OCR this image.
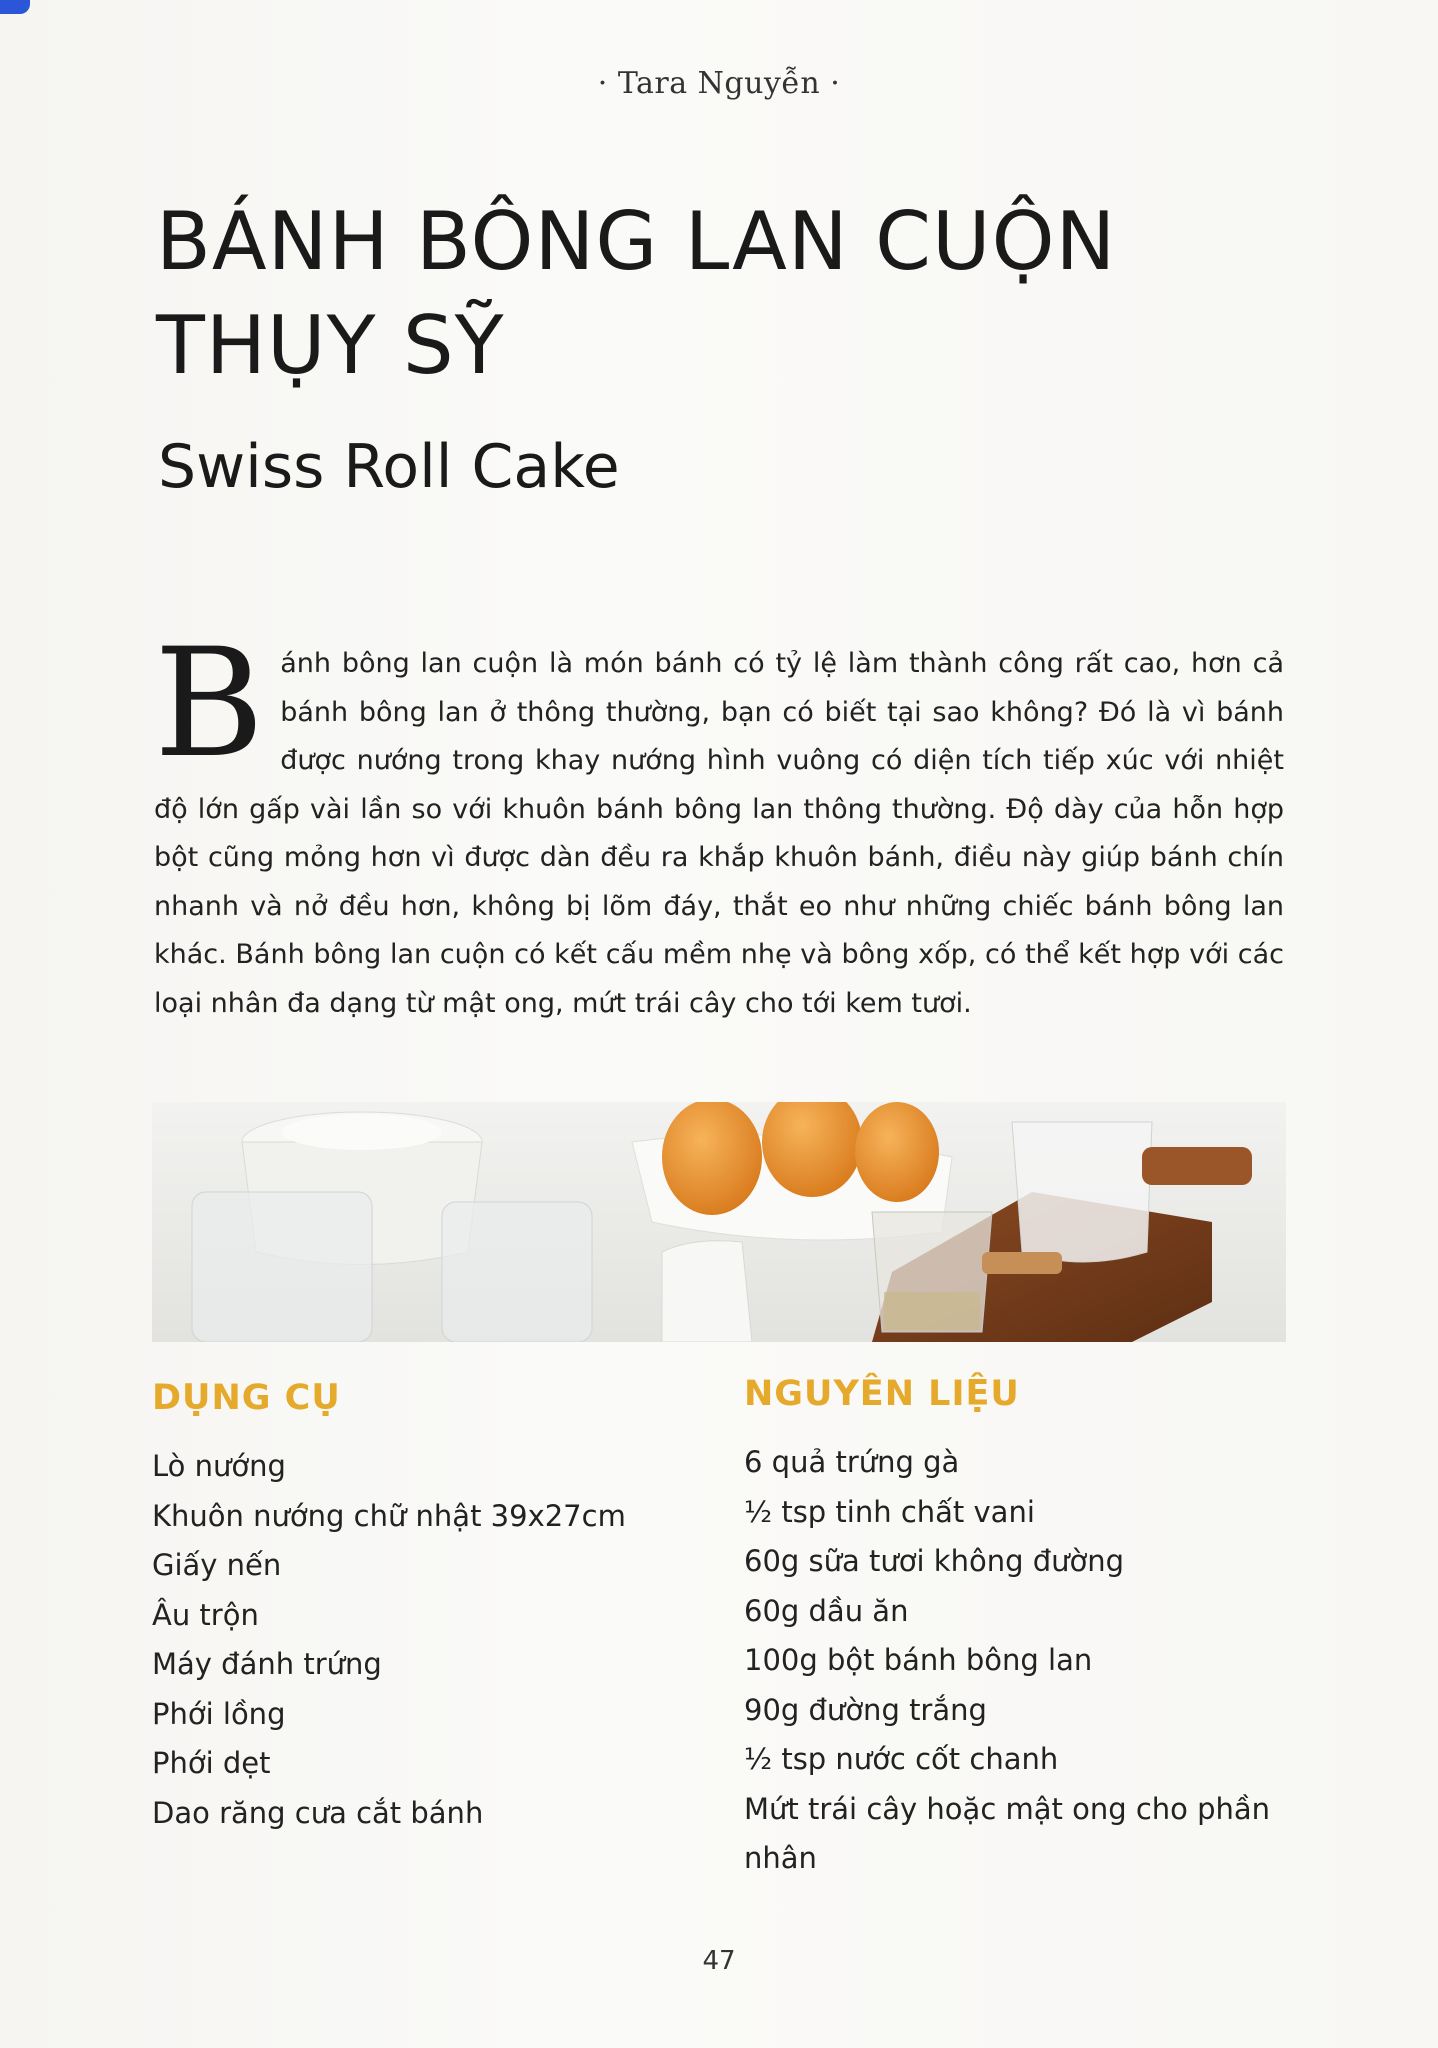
· Tara Nguyễn ·
BÁNH BÔNG LAN CUỘN
THỤY SỸ
Swiss Roll Cake
Bánh bông lan cuộn là món bánh có tỷ lệ làm thành công rất cao, hơn cả bánh bông lan ở thông thường, bạn có biết tại sao không? Đó là vì bánh được nướng trong khay nướng hình vuông có diện tích tiếp xúc với nhiệt độ lớn gấp vài lần so với khuôn bánh bông lan thông thường. Độ dày của hỗn hợp bột cũng mỏng hơn vì được dàn đều ra khắp khuôn bánh, điều này giúp bánh chín nhanh và nở đều hơn, không bị lõm đáy, thắt eo như những chiếc bánh bông lan khác. Bánh bông lan cuộn có kết cấu mềm nhẹ và bông xốp, có thể kết hợp với các loại nhân đa dạng từ mật ong, mứt trái cây cho tới kem tươi.
DỤNG CỤ
Lò nướng
Khuôn nướng chữ nhật 39x27cm
Giấy nến
Âu trộn
Máy đánh trứng
Phới lồng
Phới dẹt
Dao răng cưa cắt bánh
NGUYÊN LIỆU
6 quả trứng gà
½ tsp tinh chất vani
60g sữa tươi không đường
60g dầu ăn
100g bột bánh bông lan
90g đường trắng
½ tsp nước cốt chanh
Mứt trái cây hoặc mật ong cho phần nhân
47
